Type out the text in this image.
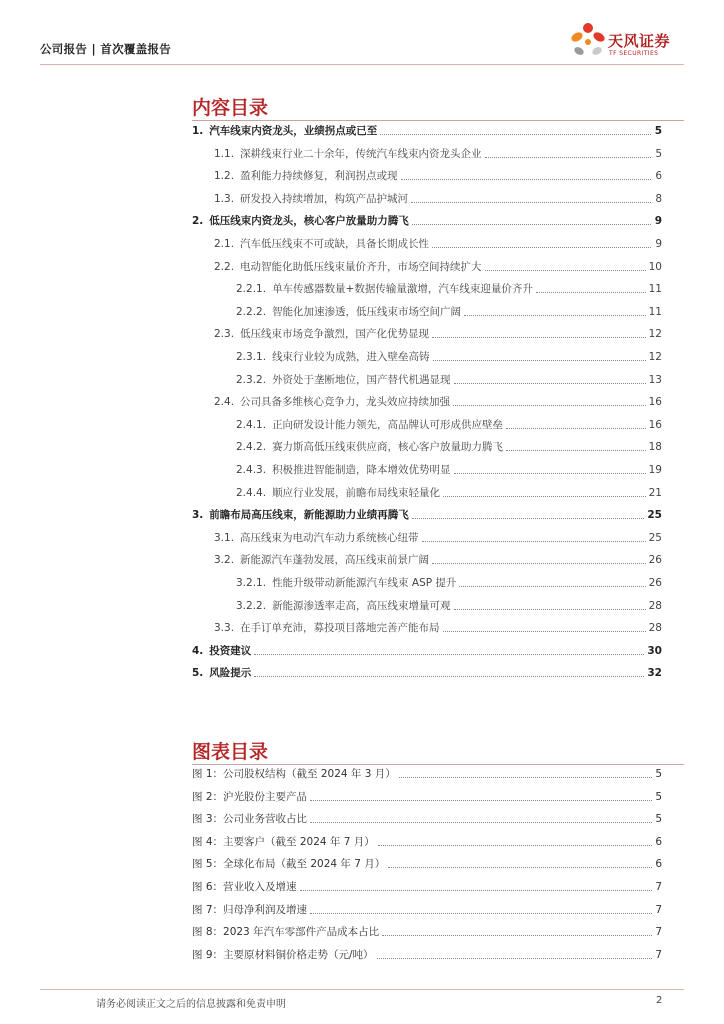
公司报告 | 首次覆盖报告	天风证券
TF SECURITIES
内容目录
1. 汽车线束内资龙头，业绩拐点或已至	5
1.1. 深耕线束行业二十余年，传统汽车线束内资龙头企业	5
1.2. 盈利能力持续修复，利润拐点或现	6
1.3. 研发投入持续增加，构筑产品护城河	8
2. 低压线束内资龙头，核心客户放量助力腾飞	9
2.1. 汽车低压线束不可或缺，具备长期成长性	9
2.2. 电动智能化助低压线束量价齐升，市场空间持续扩大	10
2.2.1. 单车传感器数量+数据传输量激增，汽车线束迎量价齐升	11
2.2.2. 智能化加速渗透，低压线束市场空间广阔	11
2.3. 低压线束市场竞争激烈，国产化优势显现	12
2.3.1. 线束行业较为成熟，进入壁垒高铸	12
2.3.2. 外资处于垄断地位，国产替代机遇显现	13
2.4. 公司具备多维核心竞争力，龙头效应持续加强	16
2.4.1. 正向研发设计能力领先，高品牌认可形成供应壁垒	16
2.4.2. 赛力斯高低压线束供应商，核心客户放量助力腾飞	18
2.4.3. 积极推进智能制造，降本增效优势明显	19
2.4.4. 顺应行业发展，前瞻布局线束轻量化	21
3. 前瞻布局高压线束，新能源助力业绩再腾飞	25
3.1. 高压线束为电动汽车动力系统核心纽带	25
3.2. 新能源汽车蓬勃发展，高压线束前景广阔	26
3.2.1. 性能升级带动新能源汽车线束 ASP 提升	26
3.2.2. 新能源渗透率走高，高压线束增量可观	28
3.3. 在手订单充沛，募投项目落地完善产能布局	28
4. 投资建议	30
5. 风险提示	32
图表目录
图 1：公司股权结构（截至 2024 年 3 月）	5
图 2：沪光股份主要产品	5
图 3：公司业务营收占比	5
图 4：主要客户（截至 2024 年 7 月）	6
图 5：全球化布局（截至 2024 年 7 月）	6
图 6：营业收入及增速	7
图 7：归母净利润及增速	7
图 8：2023 年汽车零部件产品成本占比	7
图 9：主要原材料铜价格走势（元/吨）	7
请务必阅读正文之后的信息披露和免责申明	2
